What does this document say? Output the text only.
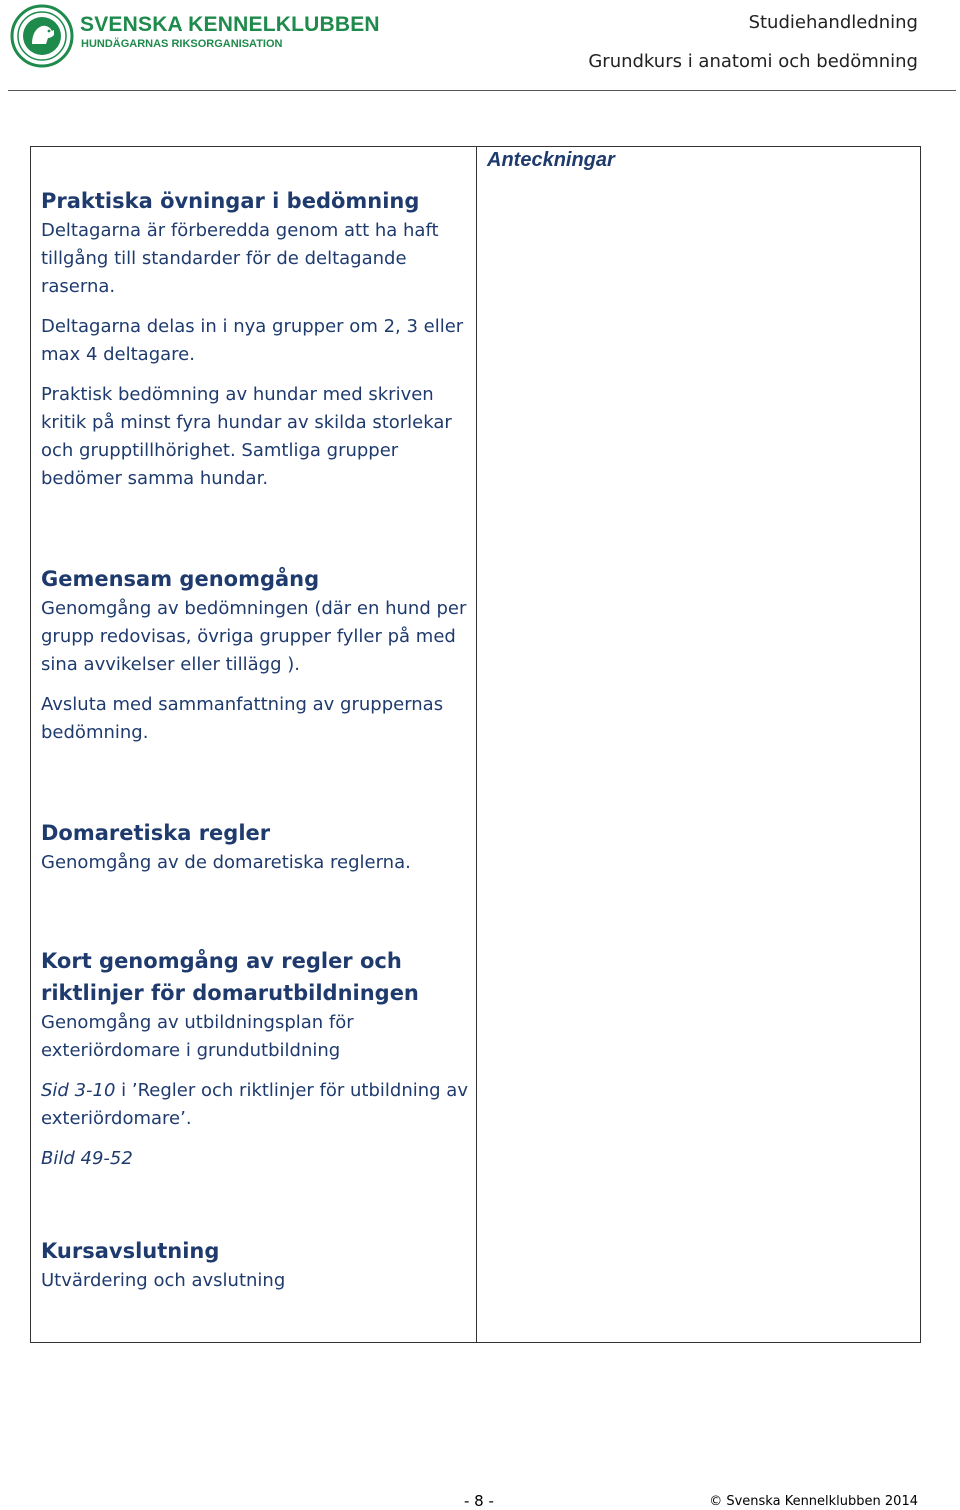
SVENSKA KENNELKLUBBEN
HUNDÄGARNAS RIKSORGANISATION
Studiehandledning
Grundkurs i anatomi och bedömning

Praktiska övningar i bedömning

Deltagarna är förberedda genom att ha haft tillgång till standarder för de deltagande raserna.

Deltagarna delas in i nya grupper om 2, 3 eller max 4 deltagare.

Praktisk bedömning av hundar med skriven kritik på minst fyra hundar av skilda storlekar och grupptillhörighet. Samtliga grupper bedömer samma hundar.

Gemensam genomgång

Genomgång av bedömningen (där en hund per grupp redovisas, övriga grupper fyller på med sina avvikelser eller tillägg ).

Avsluta med sammanfattning av gruppernas bedömning.

Domaretiska regler

Genomgång av de domaretiska reglerna.

Kort genomgång av regler och riktlinjer för domarutbildningen

Genomgång av utbildningsplan för exteriördomare i grundutbildning

Sid 3-10 i ’Regler och riktlinjer för utbildning av exteriördomare’.

Bild 49-52

Kursavslutning

Utvärdering och avslutning

Anteckningar
- 8 -	© Svenska Kennelklubben 2014
